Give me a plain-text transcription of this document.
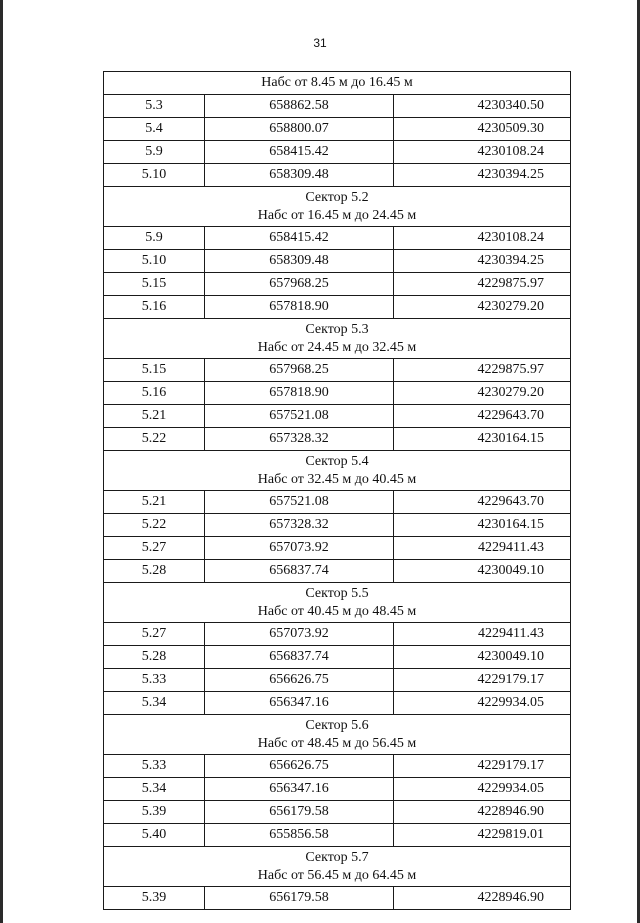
31
Набс от 8.45 м до 16.45 м		

5.3	658862.58	4230340.50
5.4	658800.07	4230509.30
5.9	658415.42	4230108.24
5.10	658309.48	4230394.25

Сектор 5.2
Набс от 16.45 м до 24.45 м		

5.9	658415.42	4230108.24
5.10	658309.48	4230394.25
5.15	657968.25	4229875.97
5.16	657818.90	4230279.20

Сектор 5.3
Набс от 24.45 м до 32.45 м		

5.15	657968.25	4229875.97
5.16	657818.90	4230279.20
5.21	657521.08	4229643.70
5.22	657328.32	4230164.15

Сектор 5.4
Набс от 32.45 м до 40.45 м		

5.21	657521.08	4229643.70
5.22	657328.32	4230164.15
5.27	657073.92	4229411.43
5.28	656837.74	4230049.10

Сектор 5.5
Набс от 40.45 м до 48.45 м		

5.27	657073.92	4229411.43
5.28	656837.74	4230049.10
5.33	656626.75	4229179.17
5.34	656347.16	4229934.05

Сектор 5.6
Набс от 48.45 м до 56.45 м		

5.33	656626.75	4229179.17
5.34	656347.16	4229934.05
5.39	656179.58	4228946.90
5.40	655856.58	4229819.01

Сектор 5.7
Набс от 56.45 м до 64.45 м		

5.39	656179.58	4228946.90
